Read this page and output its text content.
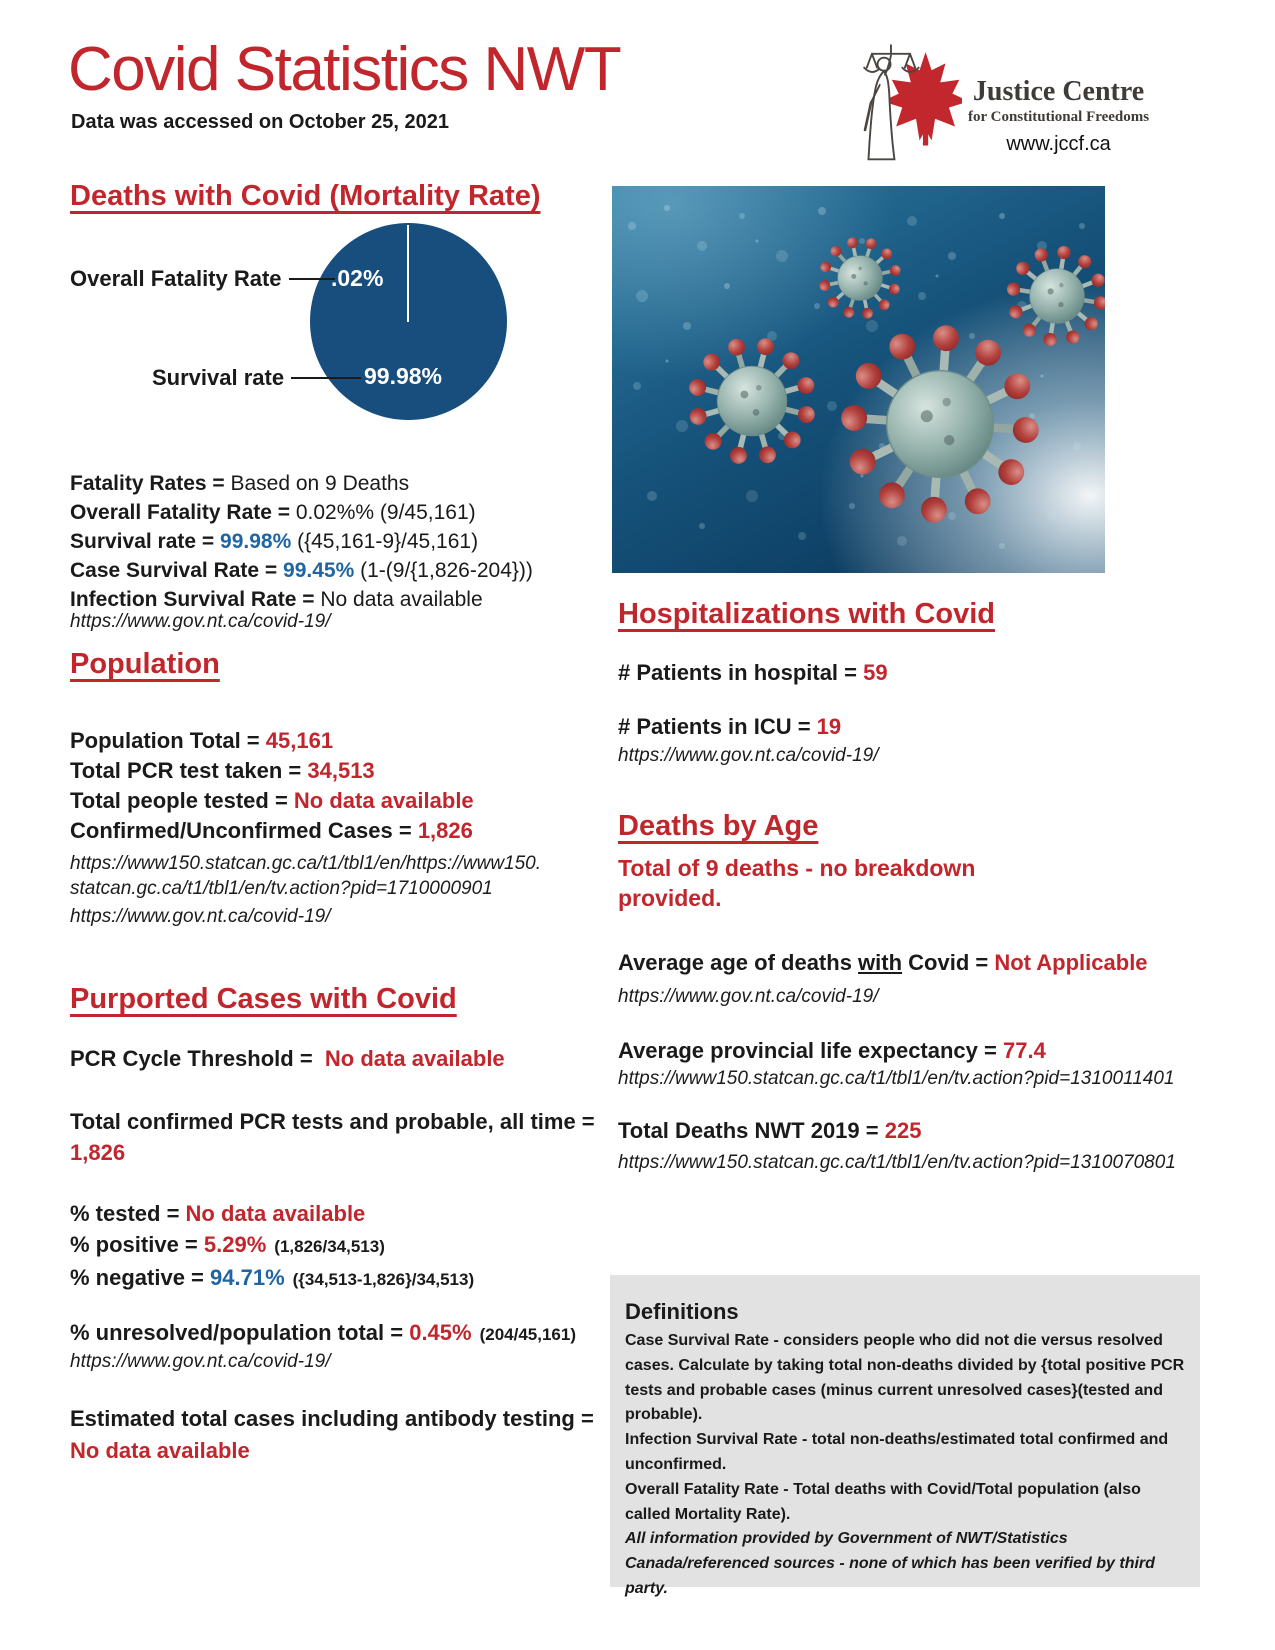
Covid Statistics NWT
Data was accessed on October 25, 2021
Justice Centre
for Constitutional Freedoms
www.jccf.ca
Deaths with Covid (Mortality Rate)
Overall Fatality Rate .02%
Survival rate	99.98%
Fatality Rates = Based on 9 Deaths
Overall Fatality Rate = 0.02%% (9/45,161)
Survival rate = 99.98% ({45,161-9}/45,161)
Case Survival Rate = 99.45% (1-(9/{1,826-204}))
Infection Survival Rate = No data available
https://www.gov.nt.ca/covid-19/
Population
Population Total = 45,161
Total PCR test taken = 34,513
Total people tested = No data available
Confirmed/Unconfirmed Cases = 1,826
https://www150.statcan.gc.ca/t1/tbl1/en/https://www150.
statcan.gc.ca/t1/tbl1/en/tv.action?pid=1710000901
https://www.gov.nt.ca/covid-19/
Purported Cases with Covid
PCR Cycle Threshold =  No data available
Total confirmed PCR tests and probable, all time =
1,826
% tested = No data available
% positive = 5.29% (1,826/34,513)
% negative = 94.71% ({34,513-1,826}/34,513)
% unresolved/population total = 0.45% (204/45,161)
https://www.gov.nt.ca/covid-19/
Estimated total cases including antibody testing =
No data available
Hospitalizations with Covid
# Patients in hospital = 59
# Patients in ICU = 19
https://www.gov.nt.ca/covid-19/
Deaths by Age
Total of 9 deaths - no breakdown provided.
Average age of deaths with Covid = Not Applicable
https://www.gov.nt.ca/covid-19/
Average provincial life expectancy = 77.4
https://www150.statcan.gc.ca/t1/tbl1/en/tv.action?pid=1310011401
Total Deaths NWT 2019 = 225
https://www150.statcan.gc.ca/t1/tbl1/en/tv.action?pid=1310070801
Definitions
Case Survival Rate - considers people who did not die versus resolved cases. Calculate by taking total non-deaths divided by {total positive PCR tests and probable cases (minus current unresolved cases}(tested and probable).
Infection Survival Rate - total non-deaths/estimated total confirmed and unconfirmed.
Overall Fatality Rate - Total deaths with Covid/Total population (also called Mortality Rate).
All information provided by Government of NWT/Statistics Canada/referenced sources - none of which has been verified by third party.
